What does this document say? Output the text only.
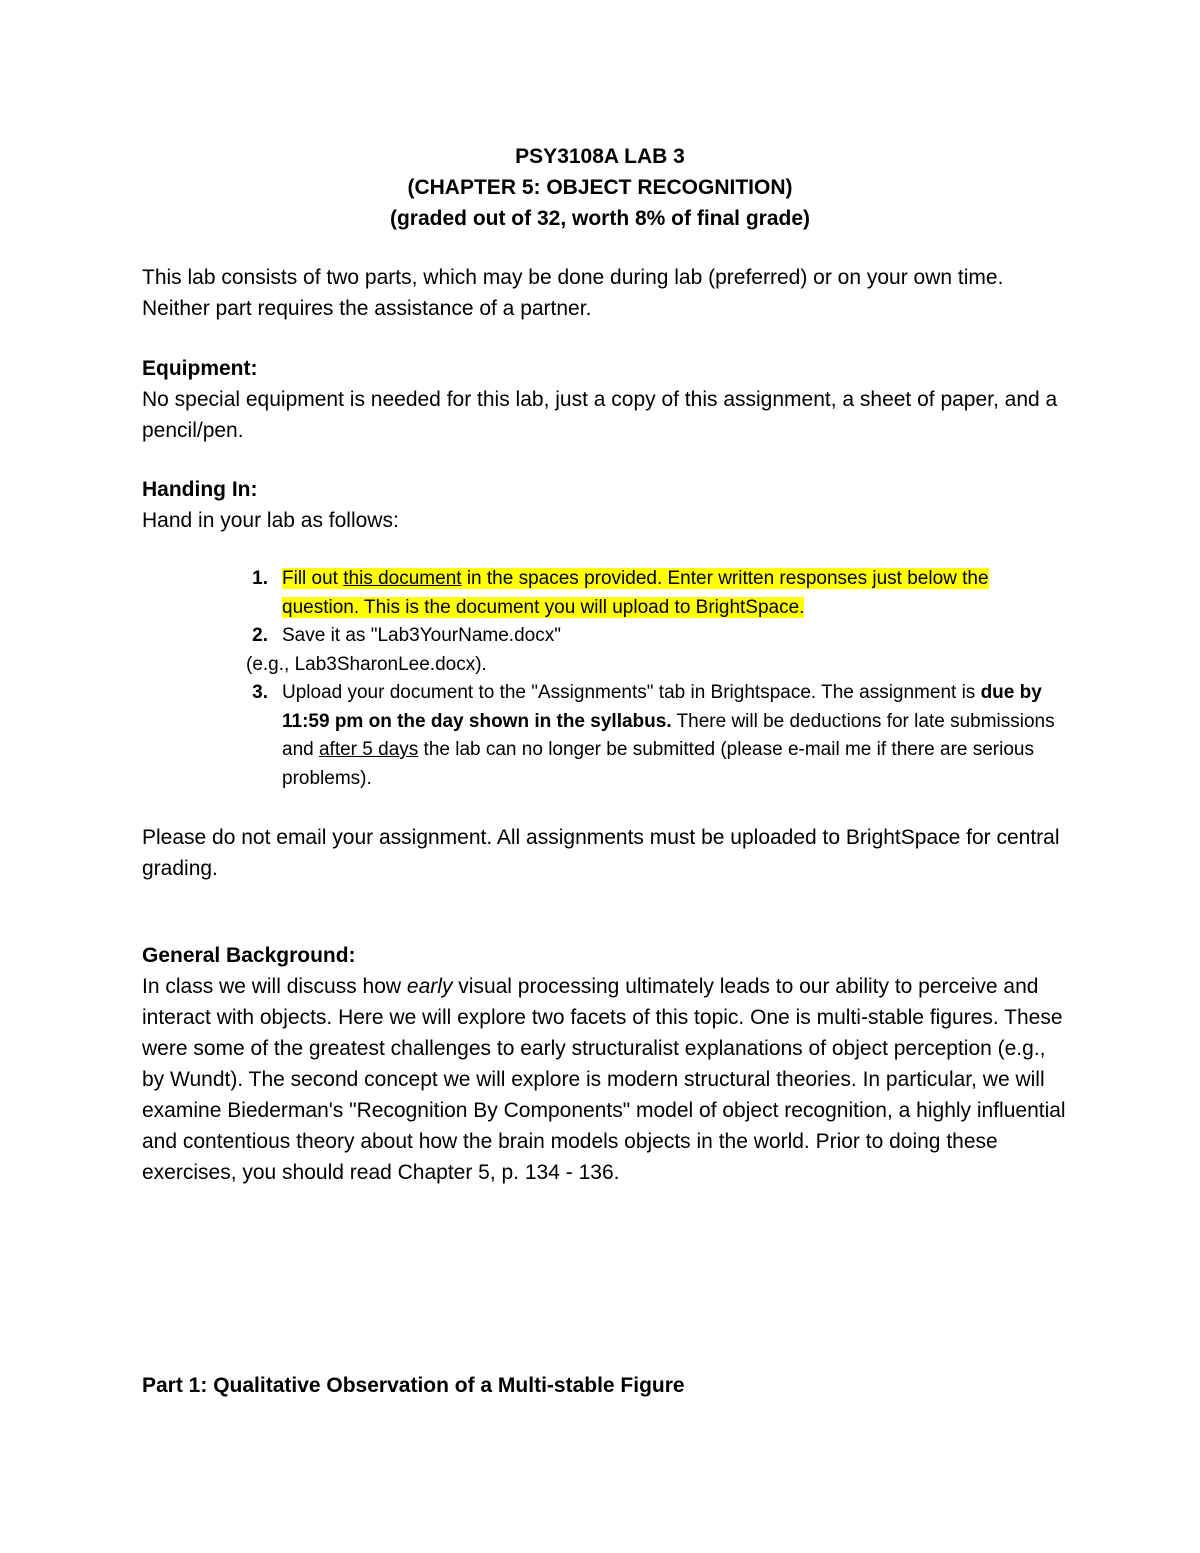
PSY3108A LAB 3
(CHAPTER 5: OBJECT RECOGNITION)
(graded out of 32, worth 8% of final grade)
This lab consists of two parts, which may be done during lab (preferred) or on your own time. Neither part requires the assistance of a partner.
Equipment:
No special equipment is needed for this lab, just a copy of this assignment, a sheet of paper, and a pencil/pen.
Handing In:
Hand in your lab as follows:
1. Fill out this document in the spaces provided. Enter written responses just below the question. This is the document you will upload to BrightSpace.
2. Save it as "Lab3YourName.docx"
(e.g., Lab3SharonLee.docx).
3. Upload your document to the "Assignments" tab in Brightspace. The assignment is due by 11:59 pm on the day shown in the syllabus. There will be deductions for late submissions and after 5 days the lab can no longer be submitted (please e-mail me if there are serious problems).
Please do not email your assignment. All assignments must be uploaded to BrightSpace for central grading.
General Background:
In class we will discuss how early visual processing ultimately leads to our ability to perceive and interact with objects. Here we will explore two facets of this topic. One is multi-stable figures. These were some of the greatest challenges to early structuralist explanations of object perception (e.g., by Wundt). The second concept we will explore is modern structural theories. In particular, we will examine Biederman's "Recognition By Components" model of object recognition, a highly influential and contentious theory about how the brain models objects in the world. Prior to doing these exercises, you should read Chapter 5, p. 134 - 136.
Part 1: Qualitative Observation of a Multi-stable Figure
